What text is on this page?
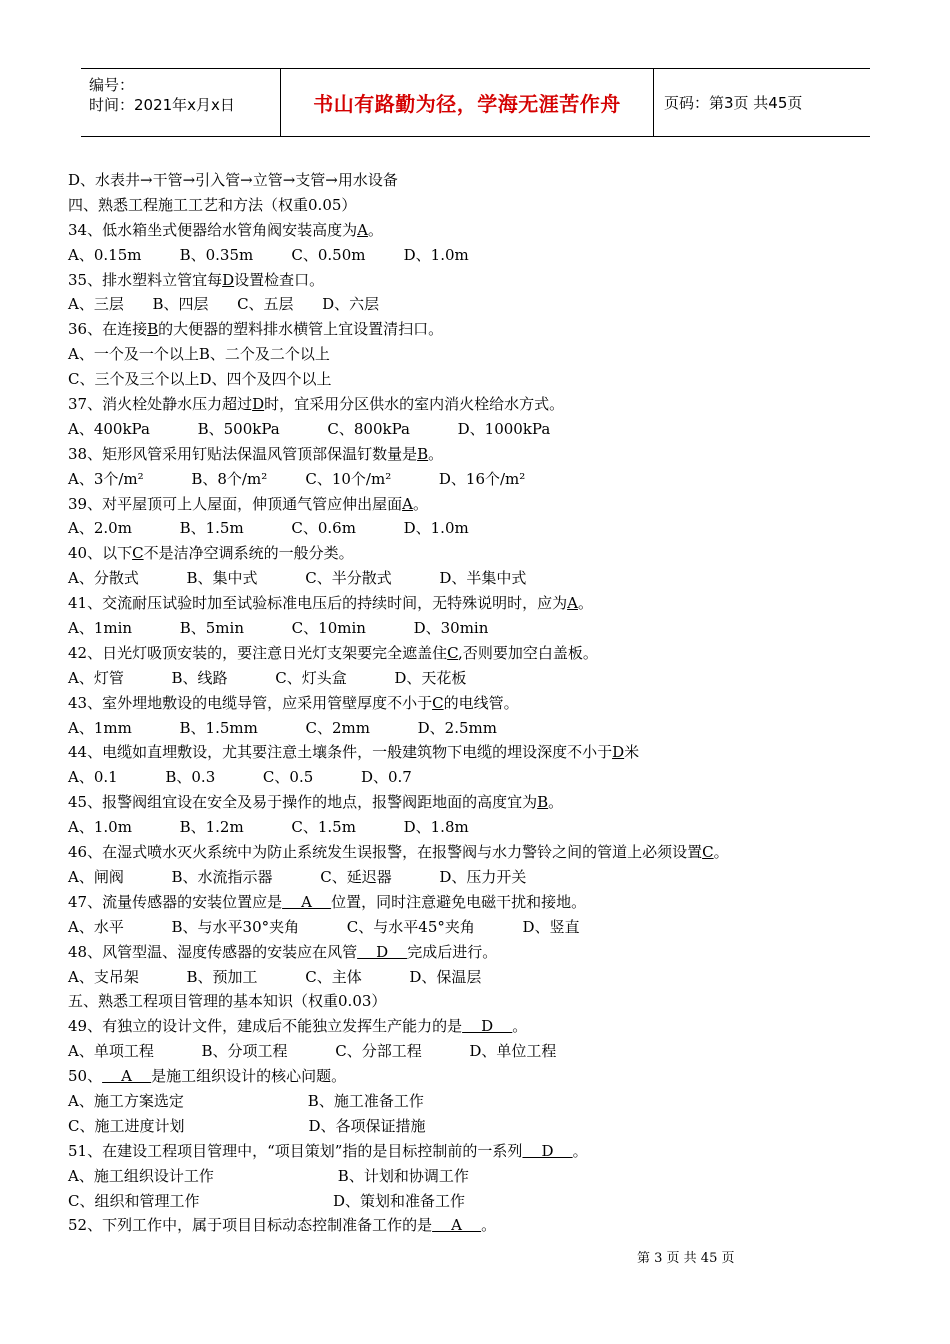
编号：
时间：2021年x月x日	书山有路勤为径，学海无涯苦作舟	页码：第3页 共45页
D、水表井→干管→引入管→立管→支管→用水设备
四、熟悉工程施工工艺和方法（权重0.05）
34、低水箱坐式便器给水管角阀安装高度为A。
A、0.15m        B、0.35m        C、0.50m        D、1.0m
35、排水塑料立管宜每D设置检查口。
A、三层      B、四层      C、五层      D、六层
36、在连接B的大便器的塑料排水横管上宜设置清扫口。
A、一个及一个以上B、二个及二个以上
C、三个及三个以上D、四个及四个以上
37、消火栓处静水压力超过D时，宜采用分区供水的室内消火栓给水方式。
A、400kPa          B、500kPa          C、800kPa          D、1000kPa
38、矩形风管采用钉贴法保温风管顶部保温钉数量是B。
A、3个/m²          B、8个/m²        C、10个/m²          D、16个/m²
39、对平屋顶可上人屋面，伸顶通气管应伸出屋面A。
A、2.0m          B、1.5m          C、0.6m          D、1.0m
40、以下C不是洁净空调系统的一般分类。
A、分散式          B、集中式          C、半分散式          D、半集中式
41、交流耐压试验时加至试验标准电压后的持续时间，无特殊说明时，应为A。
A、1min          B、5min          C、10min          D、30min
42、日光灯吸顶安装的，要注意日光灯支架要完全遮盖住C,否则要加空白盖板。
A、灯管          B、线路          C、灯头盒          D、天花板
43、室外埋地敷设的电缆导管，应采用管壁厚度不小于C的电线管。
A、1mm          B、1.5mm          C、2mm          D、2.5mm
44、电缆如直埋敷设，尤其要注意土壤条件，一般建筑物下电缆的埋设深度不小于D米
A、0.1          B、0.3          C、0.5          D、0.7
45、报警阀组宜设在安全及易于操作的地点，报警阀距地面的高度宜为B。
A、1.0m          B、1.2m          C、1.5m          D、1.8m
46、在湿式喷水灭火系统中为防止系统发生误报警，在报警阀与水力警铃之间的管道上必须设置C。
A、闸阀          B、水流指示器          C、延迟器          D、压力开关
47、流量传感器的安装位置应是    A    位置，同时注意避免电磁干扰和接地。
A、水平          B、与水平30°夹角          C、与水平45°夹角          D、竖直
48、风管型温、湿度传感器的安装应在风管    D    完成后进行。
A、支吊架          B、预加工          C、主体          D、保温层
五、熟悉工程项目管理的基本知识（权重0.03）
49、有独立的设计文件，建成后不能独立发挥生产能力的是    D    。
A、单项工程          B、分项工程          C、分部工程          D、单位工程
50、    A    是施工组织设计的核心问题。
A、施工方案选定                          B、施工准备工作
C、施工进度计划                          D、各项保证措施
51、在建设工程项目管理中，“项目策划”指的是目标控制前的一系列    D    。
A、施工组织设计工作                          B、计划和协调工作
C、组织和管理工作                            D、策划和准备工作
52、下列工作中，属于项目目标动态控制准备工作的是    A    。
第 3 页 共 45 页
